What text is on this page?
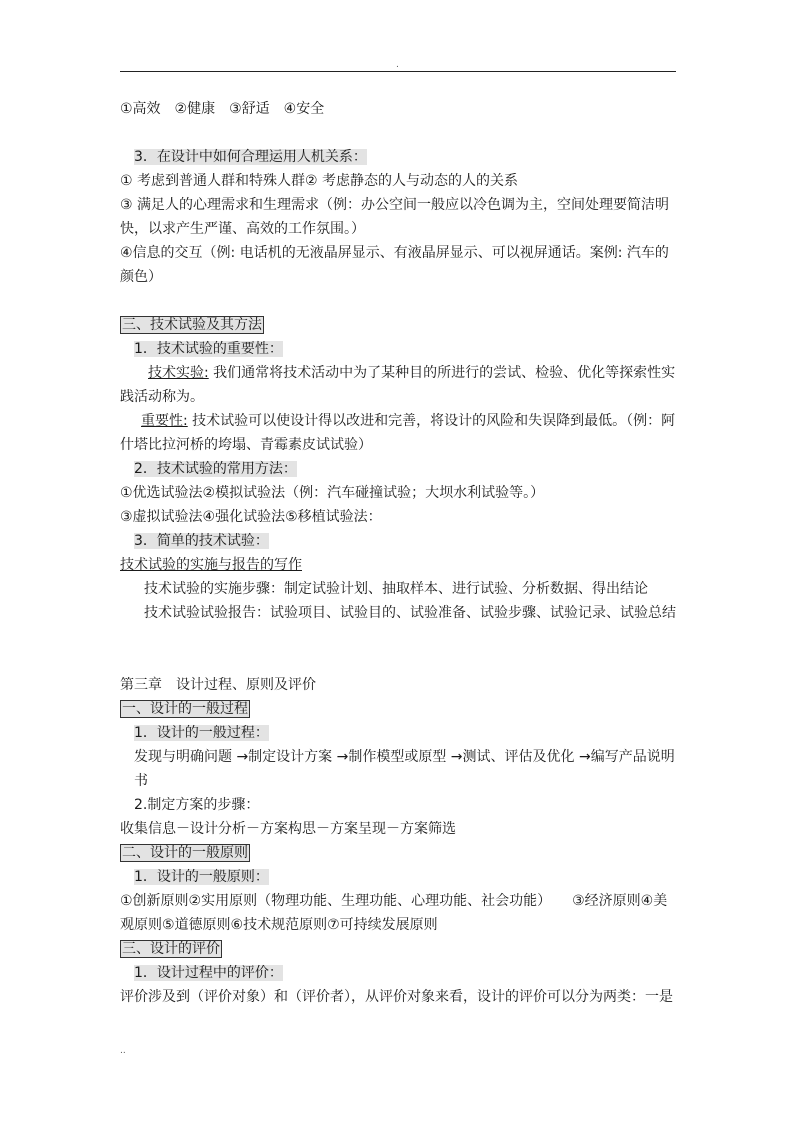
.

①高效　②健康　③舒适　④安全

3．在设计中如何合理运用人机关系：

① 考虑到普通人群和特殊人群② 考虑静态的人与动态的人的关系

③ 满足人的心理需求和生理需求（例：办公空间一般应以冷色调为主，空间处理要简洁明快，以求产生严谨、高效的工作氛围。）

④信息的交互（例: 电话机的无液晶屏显示、有液晶屏显示、可以视屏通话。案例: 汽车的颜色）

三、技术试验及其方法

1．技术试验的重要性：

技术实验: 我们通常将技术活动中为了某种目的所进行的尝试、检验、优化等探索性实践活动称为。

重要性: 技术试验可以使设计得以改进和完善，将设计的风险和失误降到最低。（例：阿什塔比拉河桥的垮塌、青霉素皮试试验）

2．技术试验的常用方法：

①优选试验法②模拟试验法（例：汽车碰撞试验；大坝水利试验等。）

③虚拟试验法④强化试验法⑤移植试验法：

3．简单的技术试验：

技术试验的实施与报告的写作

技术试验的实施步骤：制定试验计划、抽取样本、进行试验、分析数据、得出结论

技术试验试验报告：试验项目、试验目的、试验准备、试验步骤、试验记录、试验总结

第三章　设计过程、原则及评价

一、设计的一般过程

1．设计的一般过程：

发现与明确问题 →制定设计方案 →制作模型或原型 →测试、评估及优化 →编写产品说明书

2.制定方案的步骤：

收集信息－设计分析－方案构思－方案呈现－方案筛选

二、设计的一般原则

1．设计的一般原则：

①创新原则②实用原则（物理功能、生理功能、心理功能、社会功能）　　③经济原则④美观原则⑤道德原则⑥技术规范原则⑦可持续发展原则

三、设计的评价

1．设计过程中的评价：

评价涉及到（评价对象）和（评价者），从评价对象来看，设计的评价可以分为两类：一是

..
